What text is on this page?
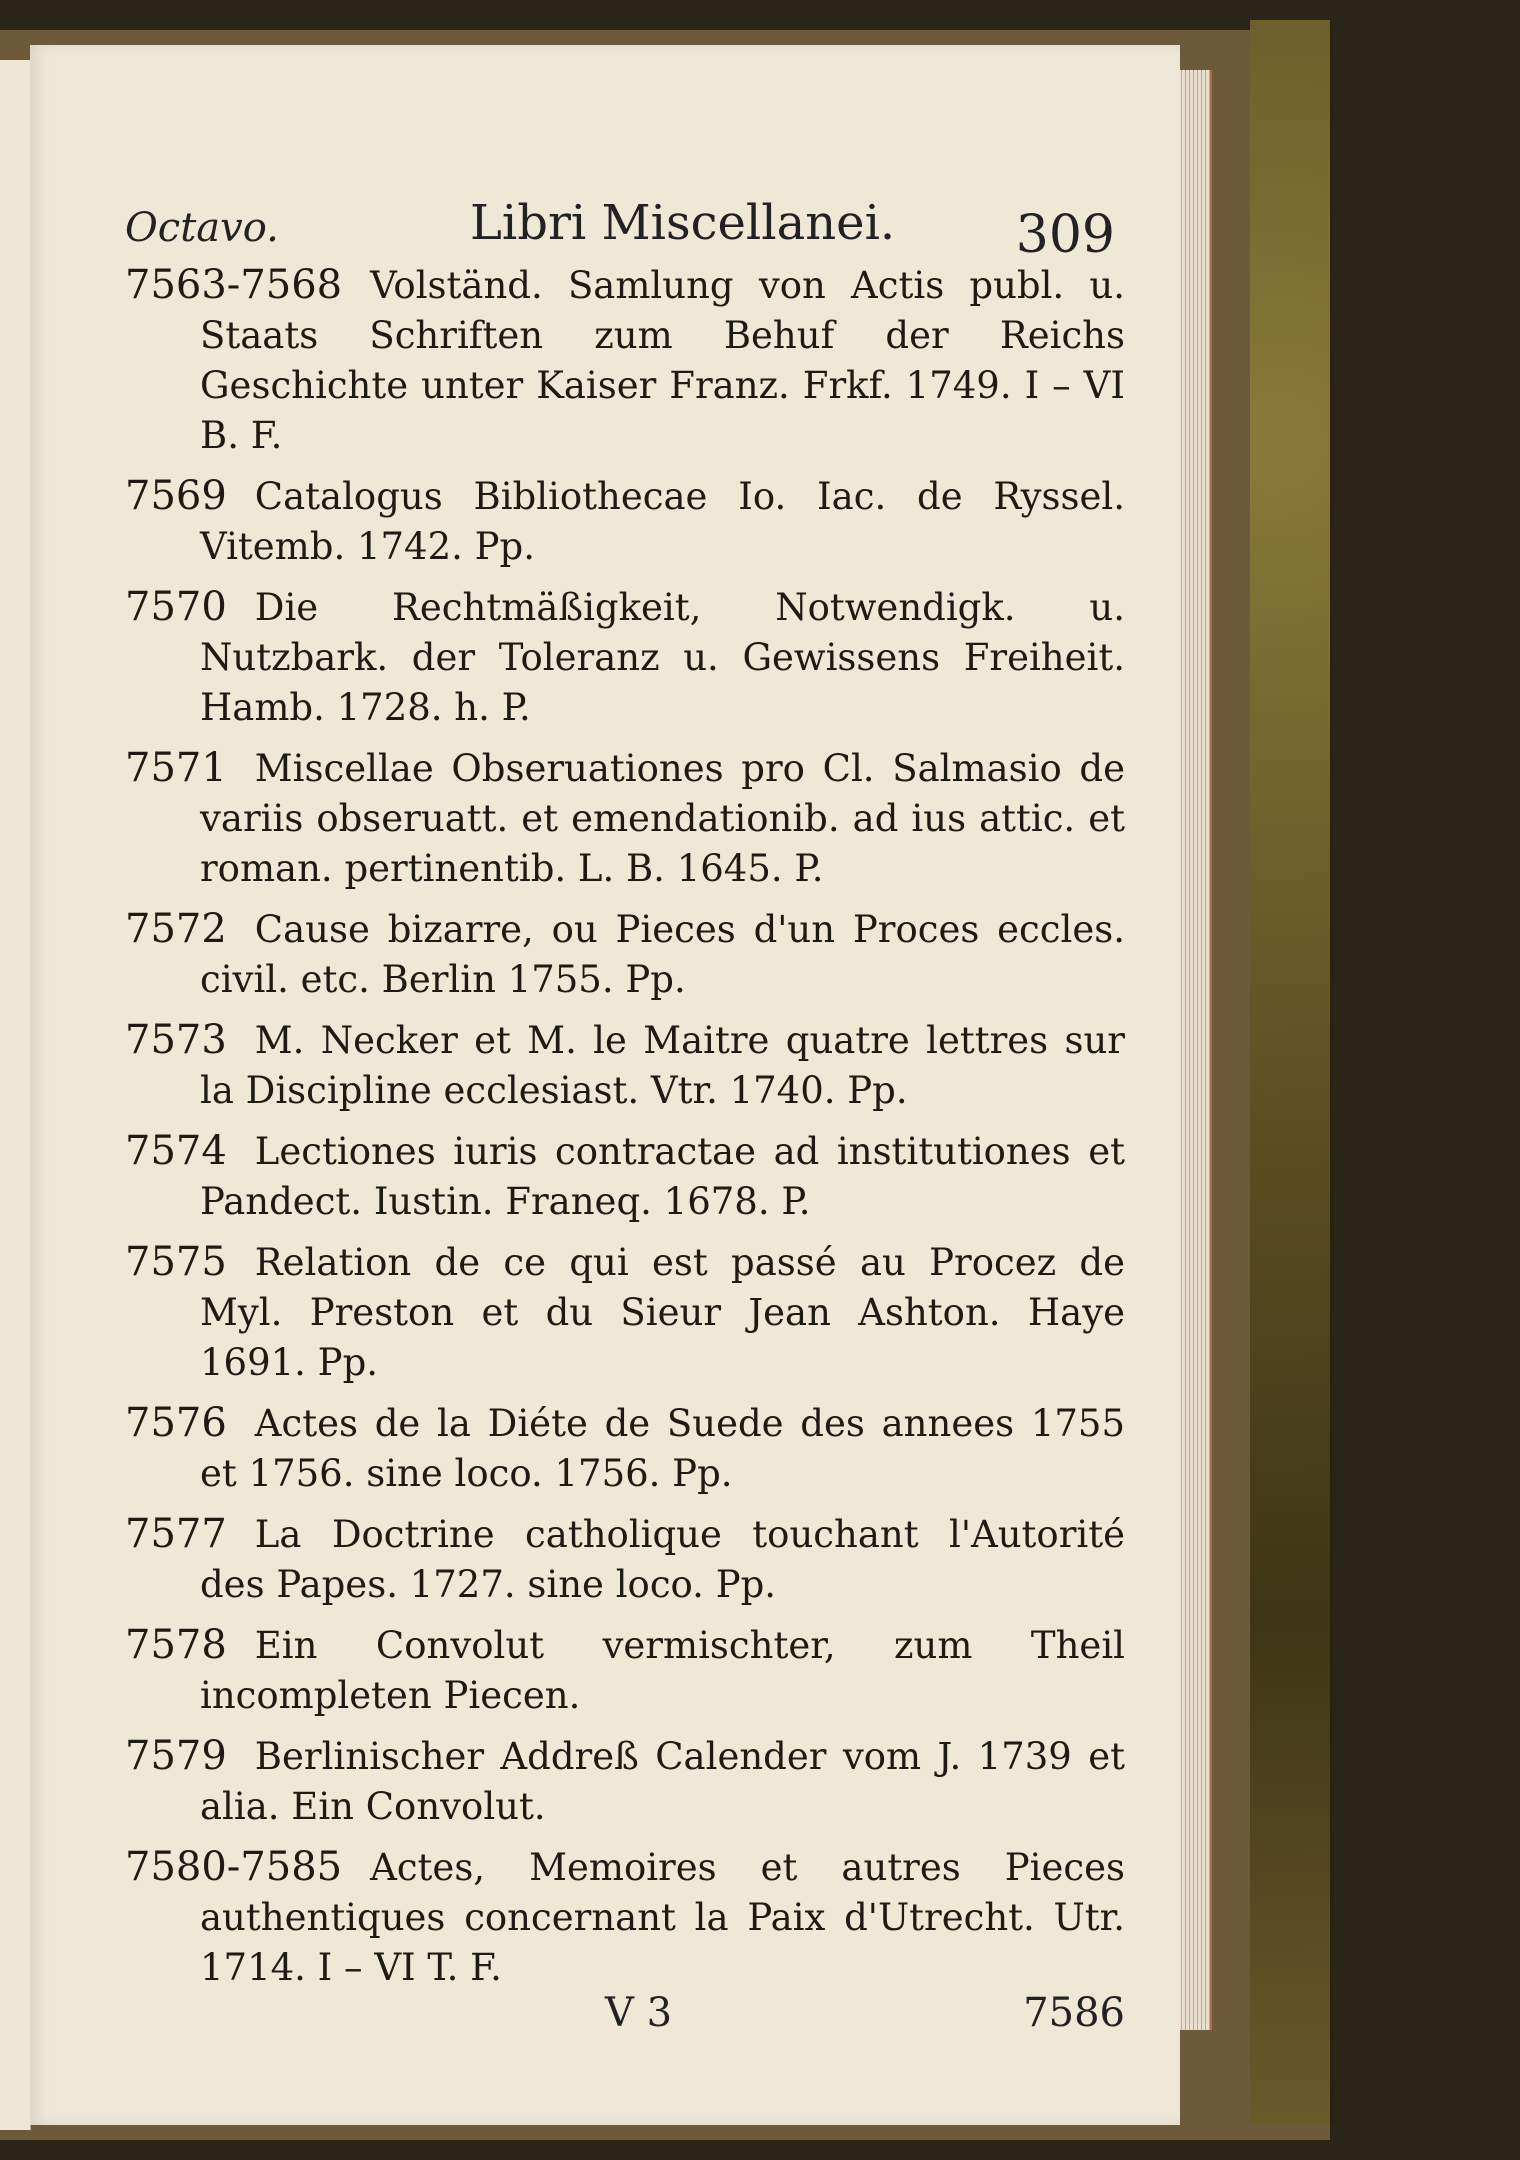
Octavo.	Libri Miscellanei. 309
7563-7568 Volständ. Samlung von Actis publ. u. Staats Schriften zum Behuf der Reichs Geschichte unter Kaiser Franz. Frkf. 1749. I – VI B. F.
7569 Catalogus Bibliothecae Io. Iac. de Ryssel. Vitemb. 1742. Pp.
7570 Die Rechtmäßigkeit, Notwendigk. u. Nutzbark. der Toleranz u. Gewissens Freiheit. Hamb. 1728. h. P.
7571 Miscellae Obseruationes pro Cl. Salmasio de variis obseruatt. et emendationib. ad ius attic. et roman. pertinentib. L. B. 1645. P.
7572 Cause bizarre, ou Pieces d'un Proces eccles. civil. etc. Berlin 1755. Pp.
7573 M. Necker et M. le Maitre quatre lettres sur la Discipline ecclesiast. Vtr. 1740. Pp.
7574 Lectiones iuris contractae ad institutiones et Pandect. Iustin. Franeq. 1678. P.
7575 Relation de ce qui est passé au Procez de Myl. Preston et du Sieur Jean Ashton. Haye 1691. Pp.
7576 Actes de la Diéte de Suede des annees 1755 et 1756. sine loco. 1756. Pp.
7577 La Doctrine catholique touchant l'Autorité des Papes. 1727. sine loco. Pp.
7578 Ein Convolut vermischter, zum Theil incompleten Piecen.
7579 Berlinischer Addreß Calender vom J. 1739 et alia. Ein Convolut.
7580-7585 Actes, Memoires et autres Pieces authentiques concernant la Paix d'Utrecht. Utr. 1714. I – VI T. F.
V 3	7586
